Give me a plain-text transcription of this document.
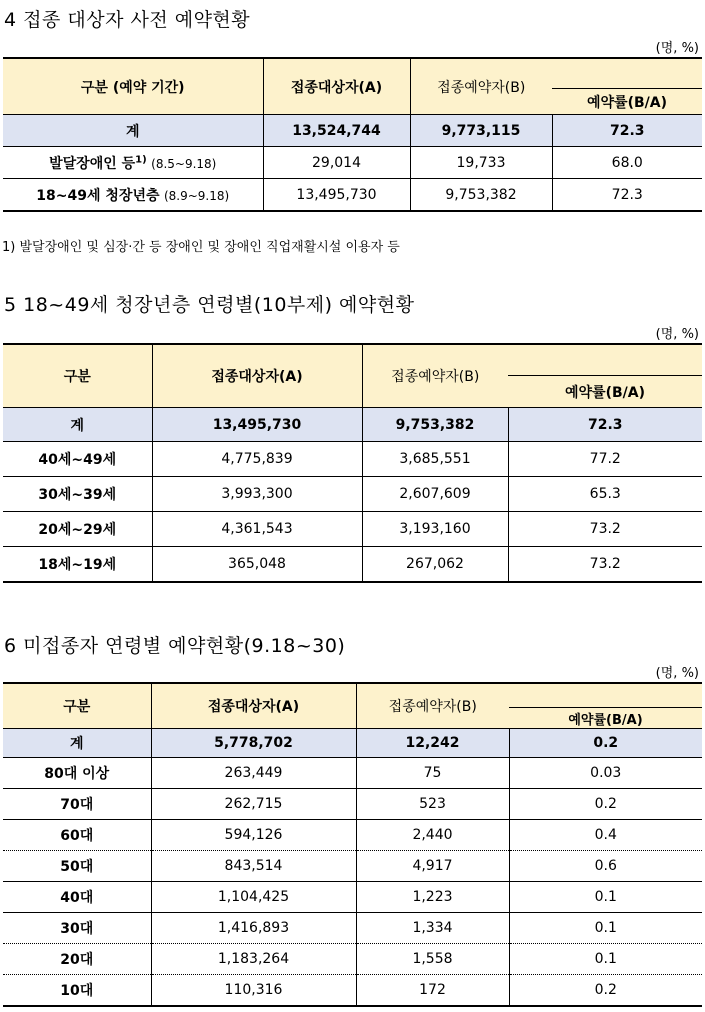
4 접종 대상자 사전 예약현황
(명, %)
구분 (예약 기간)	접종대상자(A)	접종예약자(B)	
			예약률(B/A)
계	13,524,744	9,773,115	72.3
발달장애인 등$^{1)}$ (8.5~9.18)	29,014	19,733	68.0
18~49세 청장년층 (8.9~9.18)	13,495,730	9,753,382	72.3
1) 발달장애인 및 심장·간 등 장애인 및 장애인 직업재활시설 이용자 등
5 18~49세 청장년층 연령별(10부제) 예약현황
(명, %)
구분	접종대상자(A)	접종예약자(B)	
			예약률(B/A)
계	13,495,730	9,753,382	72.3
40세~49세	4,775,839	3,685,551	77.2
30세~39세	3,993,300	2,607,609	65.3
20세~29세	4,361,543	3,193,160	73.2
18세~19세	365,048	267,062	73.2
6 미접종자 연령별 예약현황(9.18~30)
(명, %)
구분	접종대상자(A)	접종예약자(B)	
			예약률(B/A)
계	5,778,702	12,242	0.2
80대 이상	263,449	75	0.03
70대	262,715	523	0.2
60대	594,126	2,440	0.4
50대	843,514	4,917	0.6
40대	1,104,425	1,223	0.1
30대	1,416,893	1,334	0.1
20대	1,183,264	1,558	0.1
10대	110,316	172	0.2
